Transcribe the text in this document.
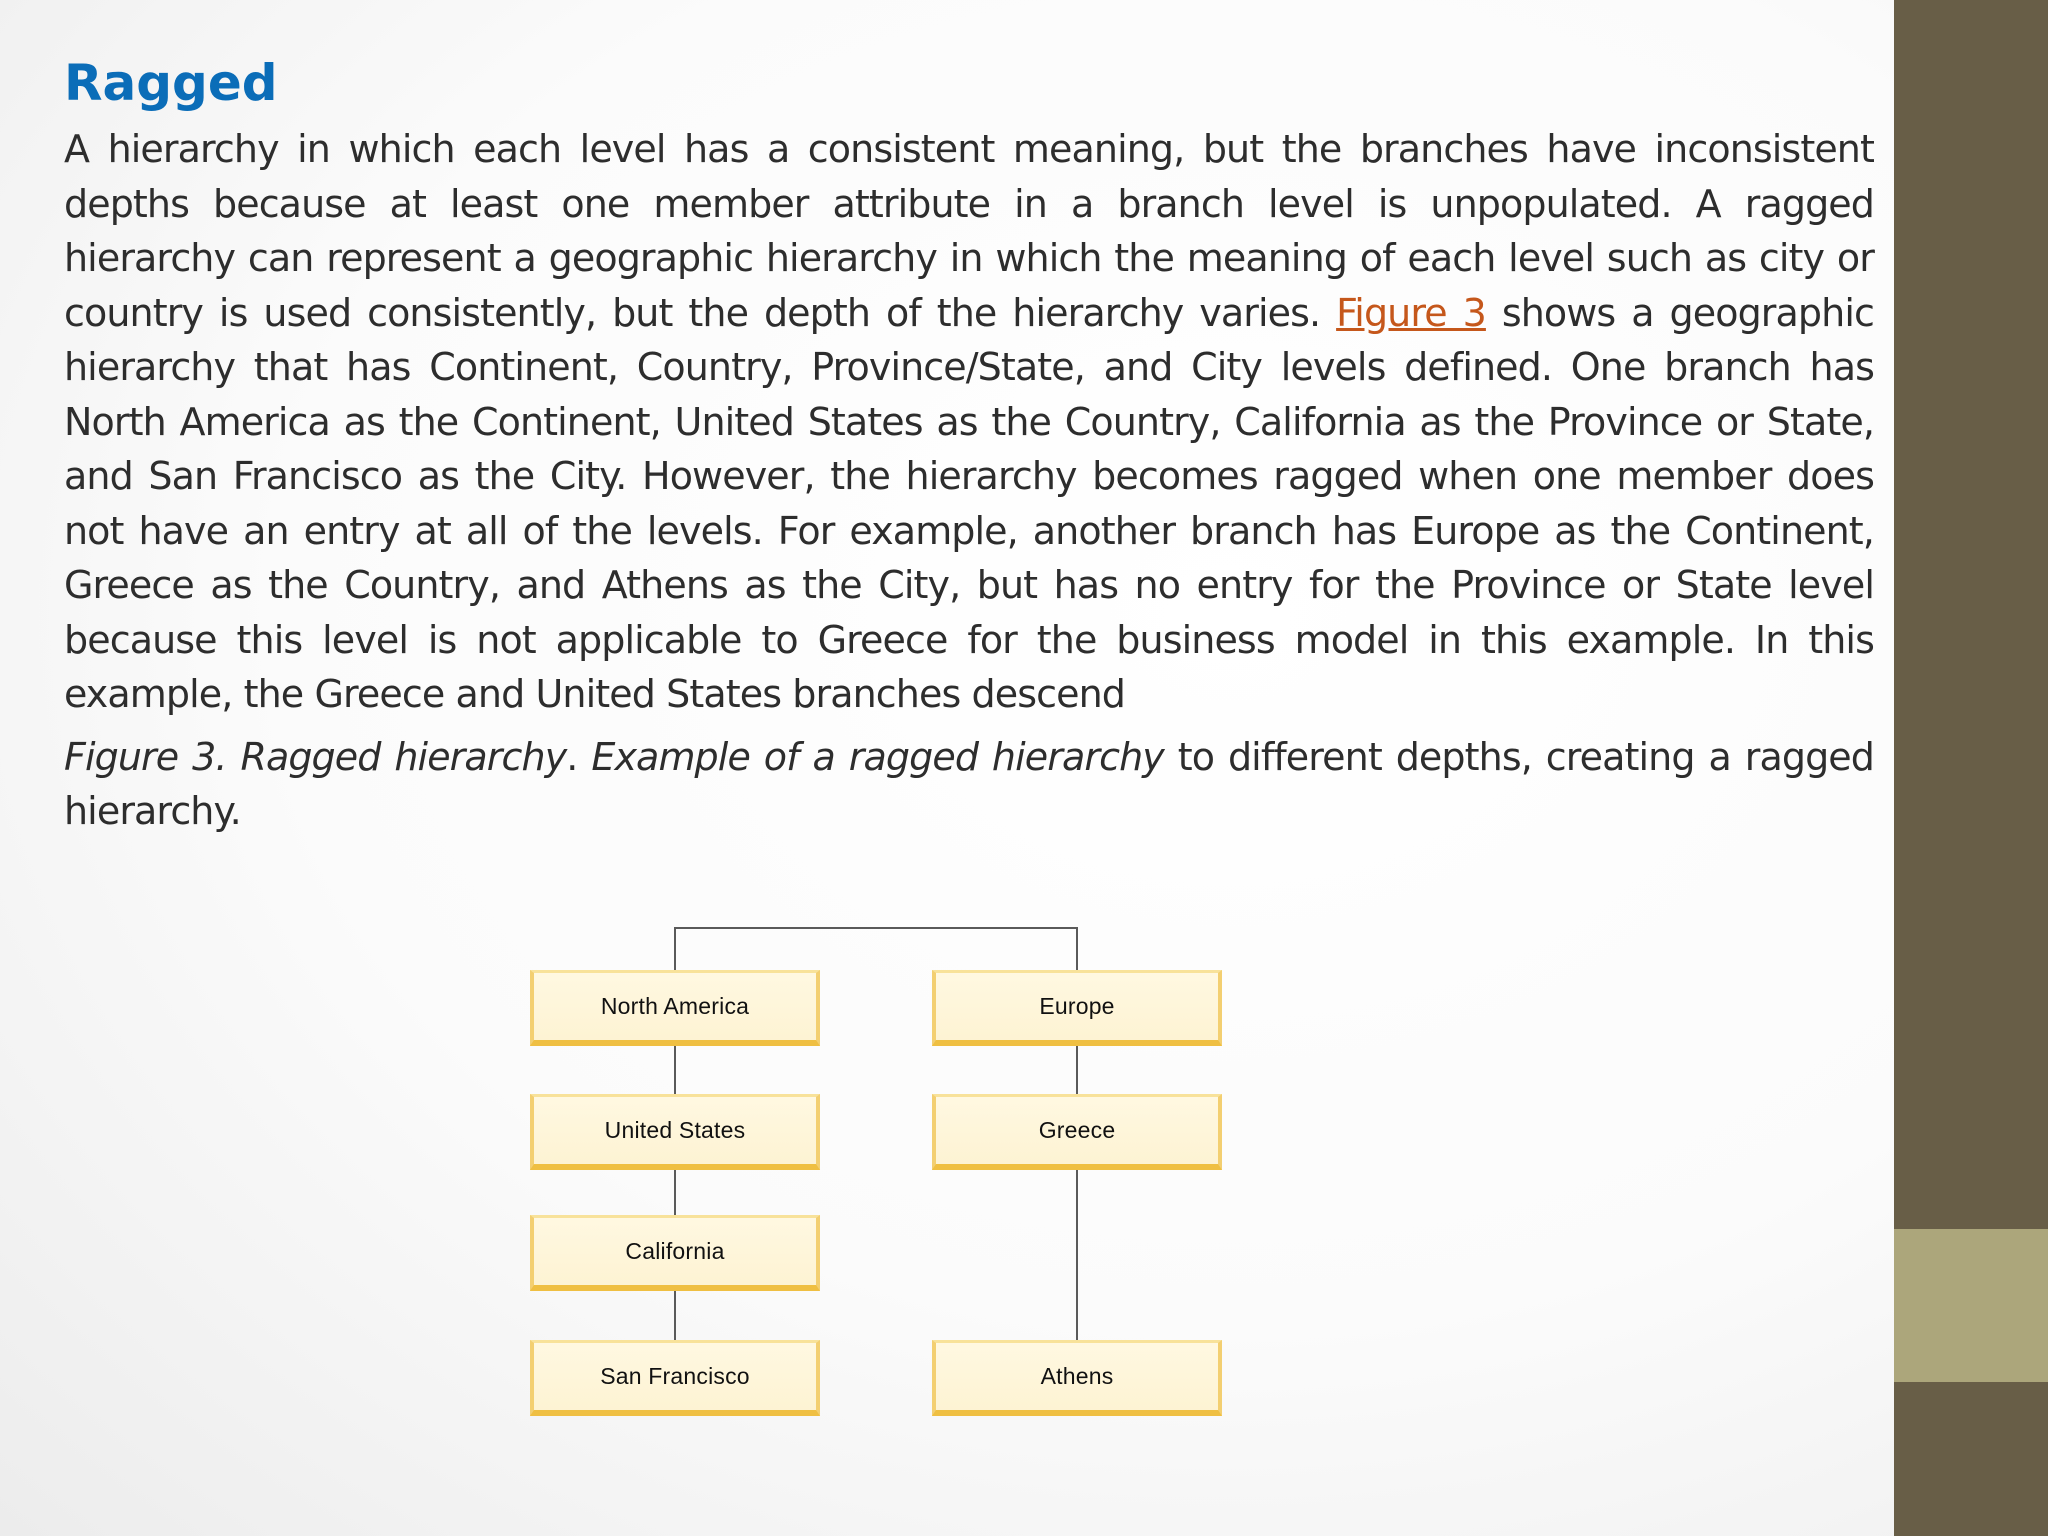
Ragged

A hierarchy in which each level has a consistent meaning, but the branches have inconsistent depths because at least one member attribute in a branch level is unpopulated. A ragged hierarchy can represent a geographic hierarchy in which the meaning of each level such as city or country is used consistently, but the depth of the hierarchy varies. Figure 3 shows a geographic hierarchy that has Continent, Country, Province/State, and City levels defined. One branch has North America as the Continent, United States as the Country, California as the Province or State, and San Francisco as the City. However, the hierarchy becomes ragged when one member does not have an entry at all of the levels. For example, another branch has Europe as the Continent, Greece as the Country, and Athens as the City, but has no entry for the Province or State level because this level is not applicable to Greece for the business model in this example. In this example, the Greece and United States branches descend

Figure 3. Ragged hierarchy. Example of a ragged hierarchy to different depths, creating a ragged hierarchy.

North America
United States
California
San Francisco
Europe
Greece
Athens
